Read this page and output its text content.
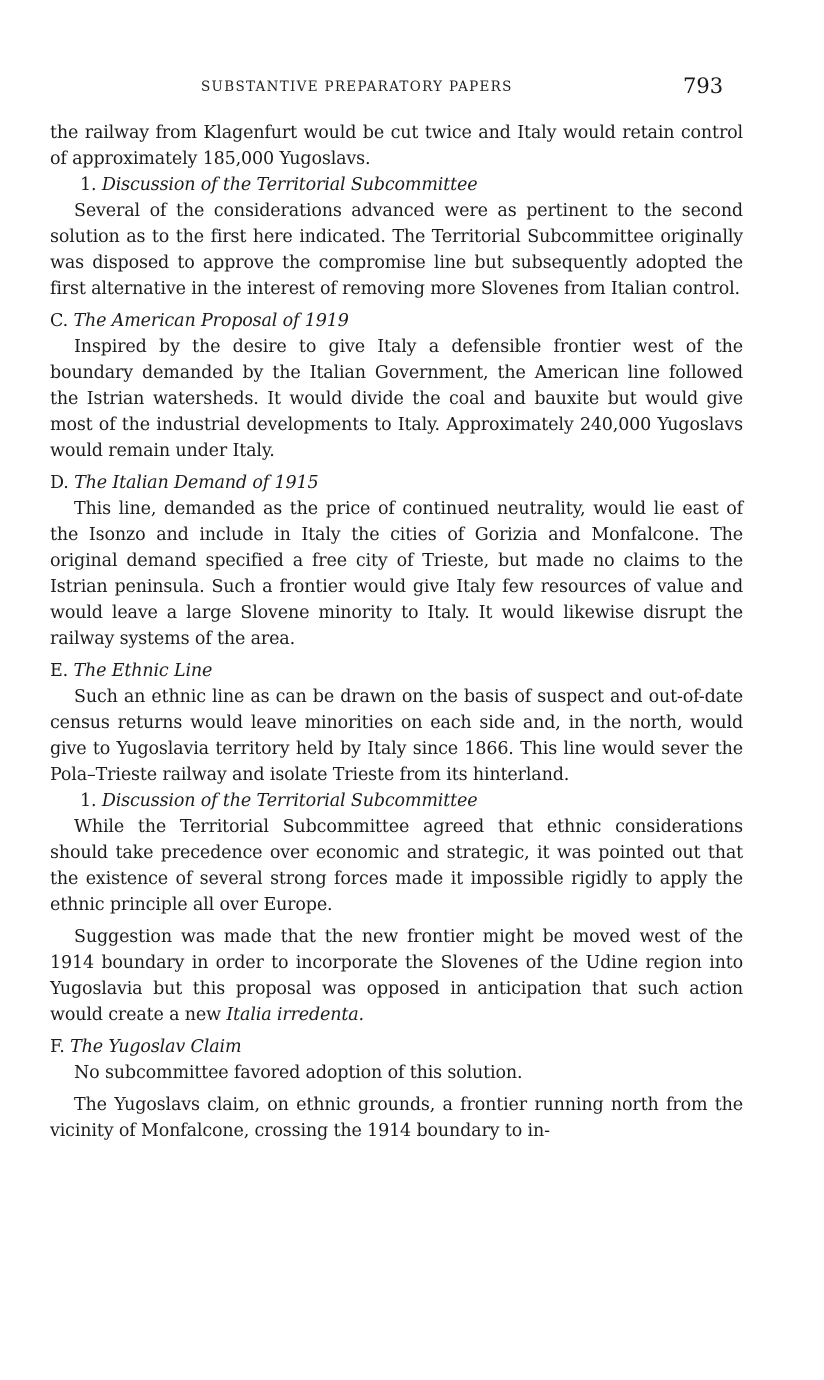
SUBSTANTIVE PREPARATORY PAPERS	793

the railway from Klagenfurt would be cut twice and Italy would retain control of approximately 185,000 Yugoslavs.

1. Discussion of the Territorial Subcommittee

Several of the considerations advanced were as pertinent to the second solution as to the first here indicated. The Territorial Subcommittee originally was disposed to approve the compromise line but subsequently adopted the first alternative in the interest of removing more Slovenes from Italian control.

C. The American Proposal of 1919

Inspired by the desire to give Italy a defensible frontier west of the boundary demanded by the Italian Government, the American line followed the Istrian watersheds. It would divide the coal and bauxite but would give most of the industrial developments to Italy. Approximately 240,000 Yugoslavs would remain under Italy.

D. The Italian Demand of 1915

This line, demanded as the price of continued neutrality, would lie east of the Isonzo and include in Italy the cities of Gorizia and Monfalcone. The original demand specified a free city of Trieste, but made no claims to the Istrian peninsula. Such a frontier would give Italy few resources of value and would leave a large Slovene minority to Italy. It would likewise disrupt the railway systems of the area.

E. The Ethnic Line

Such an ethnic line as can be drawn on the basis of suspect and out-of-date census returns would leave minorities on each side and, in the north, would give to Yugoslavia territory held by Italy since 1866. This line would sever the Pola–Trieste railway and isolate Trieste from its hinterland.

1. Discussion of the Territorial Subcommittee

While the Territorial Subcommittee agreed that ethnic considerations should take precedence over economic and strategic, it was pointed out that the existence of several strong forces made it impossible rigidly to apply the ethnic principle all over Europe.

Suggestion was made that the new frontier might be moved west of the 1914 boundary in order to incorporate the Slovenes of the Udine region into Yugoslavia but this proposal was opposed in anticipation that such action would create a new Italia irredenta.

F. The Yugoslav Claim

No subcommittee favored adoption of this solution.

The Yugoslavs claim, on ethnic grounds, a frontier running north from the vicinity of Monfalcone, crossing the 1914 boundary to in-
